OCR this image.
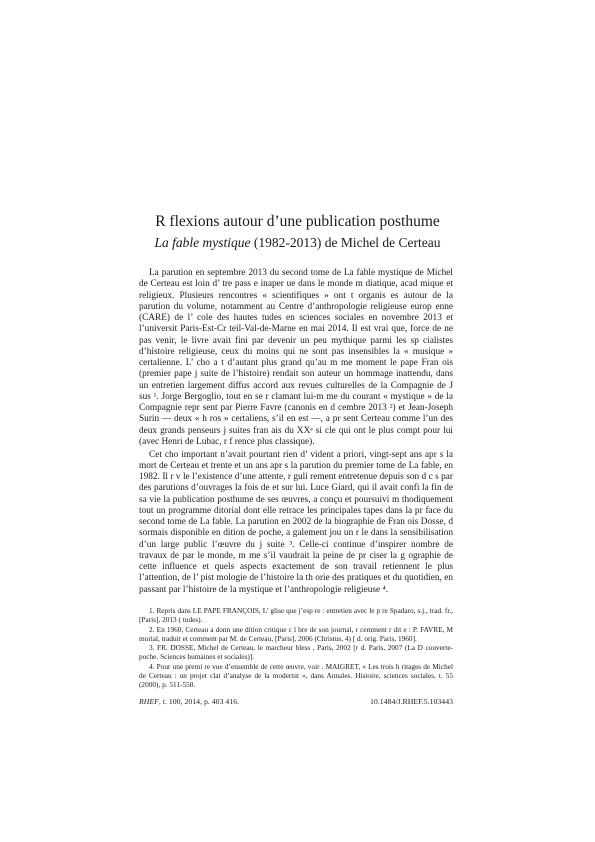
R flexions autour d’une publication posthume
La fable mystique (1982-2013) de Michel de Certeau

La parution en septembre 2013 du second tome de La fable mystique de Michel de Certeau est loin d’ tre pass e inaper ue dans le monde m diatique, acad mique et religieux. Plusieurs rencontres « scientifiques » ont t organis es autour de la parution du volume, notamment au Centre d’anthropologie religieuse europ enne (CARE) de l’ cole des hautes tudes en sciences sociales en novembre 2013 et l’universit Paris-Est-Cr teil-Val-de-Marne en mai 2014. Il est vrai que, force de ne pas venir, le livre avait fini par devenir un peu mythique parmi les sp cialistes d’histoire religieuse, ceux du moins qui ne sont pas insensibles la « musique » certalienne. L’ cho a t d’autant plus grand qu’au m me moment le pape Fran ois (premier pape j suite de l’histoire) rendait son auteur un hommage inattendu, dans un entretien largement diffus accord aux revues culturelles de la Compagnie de J sus ¹. Jorge Bergoglio, tout en se r clamant lui-m me du courant « mystique » de la Compagnie repr sent par Pierre Favre (canonis en d cembre 2013 ²) et Jean-Joseph Surin — deux « h ros » certaliens, s’il en est —, a pr sent Certeau comme l’un des deux grands penseurs j suites fran ais du XXᵉ si cle qui ont le plus compt pour lui (avec Henri de Lubac, r f rence plus classique).

Cet cho important n’avait pourtant rien d’ vident a priori, vingt-sept ans apr s la mort de Certeau et trente et un ans apr s la parution du premier tome de La fable, en 1982. Il r v le l’existence d’une attente, r guli rement entretenue depuis son d c s par des parutions d’ouvrages la fois de et sur lui. Luce Giard, qui il avait confi la fin de sa vie la publication posthume de ses œuvres, a conçu et poursuivi m thodiquement tout un programme ditorial dont elle retrace les principales tapes dans la pr face du second tome de La fable. La parution en 2002 de la biographie de Fran ois Dosse, d sormais disponible en dition de poche, a galement jou un r le dans la sensibilisation d’un large public l’œuvre du j suite ³. Celle-ci continue d’inspirer nombre de travaux de par le monde, m me s’il vaudrait la peine de pr ciser la g ographie de cette influence et quels aspects exactement de son travail retiennent le plus l’attention, de l’ pist mologie de l’histoire la th orie des pratiques et du quotidien, en passant par l’histoire de la mystique et l’anthropologie religieuse ⁴.

1. Repris dans LE PAPE FRANÇOIS, L’ glise que j’esp re : entretien avec le p re Spadaro, s.j., trad. fr., [Paris], 2013 ( tudes).

2. En 1960, Certeau a donn une dition critique c l bre de son journal, r cemment r dit e : P. FAVRE, M morial, traduit et comment par M. de Certeau, [Paris], 2006 (Christus, 4) [ d. orig. Paris, 1960].

3. FR. DOSSE, Michel de Certeau, le marcheur bless , Paris, 2002 [r d. Paris, 2007 (La D couverte-poche. Sciences humaines et sociales)].

4. Pour une premi re vue d’ensemble de cette œuvre, voir . MAIGRET, « Les trois h ritages de Michel de Certeau : un projet clat d’analyse de la modernit », dans Annales. Histoire, sciences sociales, t. 55 (2000), p. 511-550.

RHEF, t. 100, 2014, p. 403 416.	10.1484/J.RHEF.5.103443
